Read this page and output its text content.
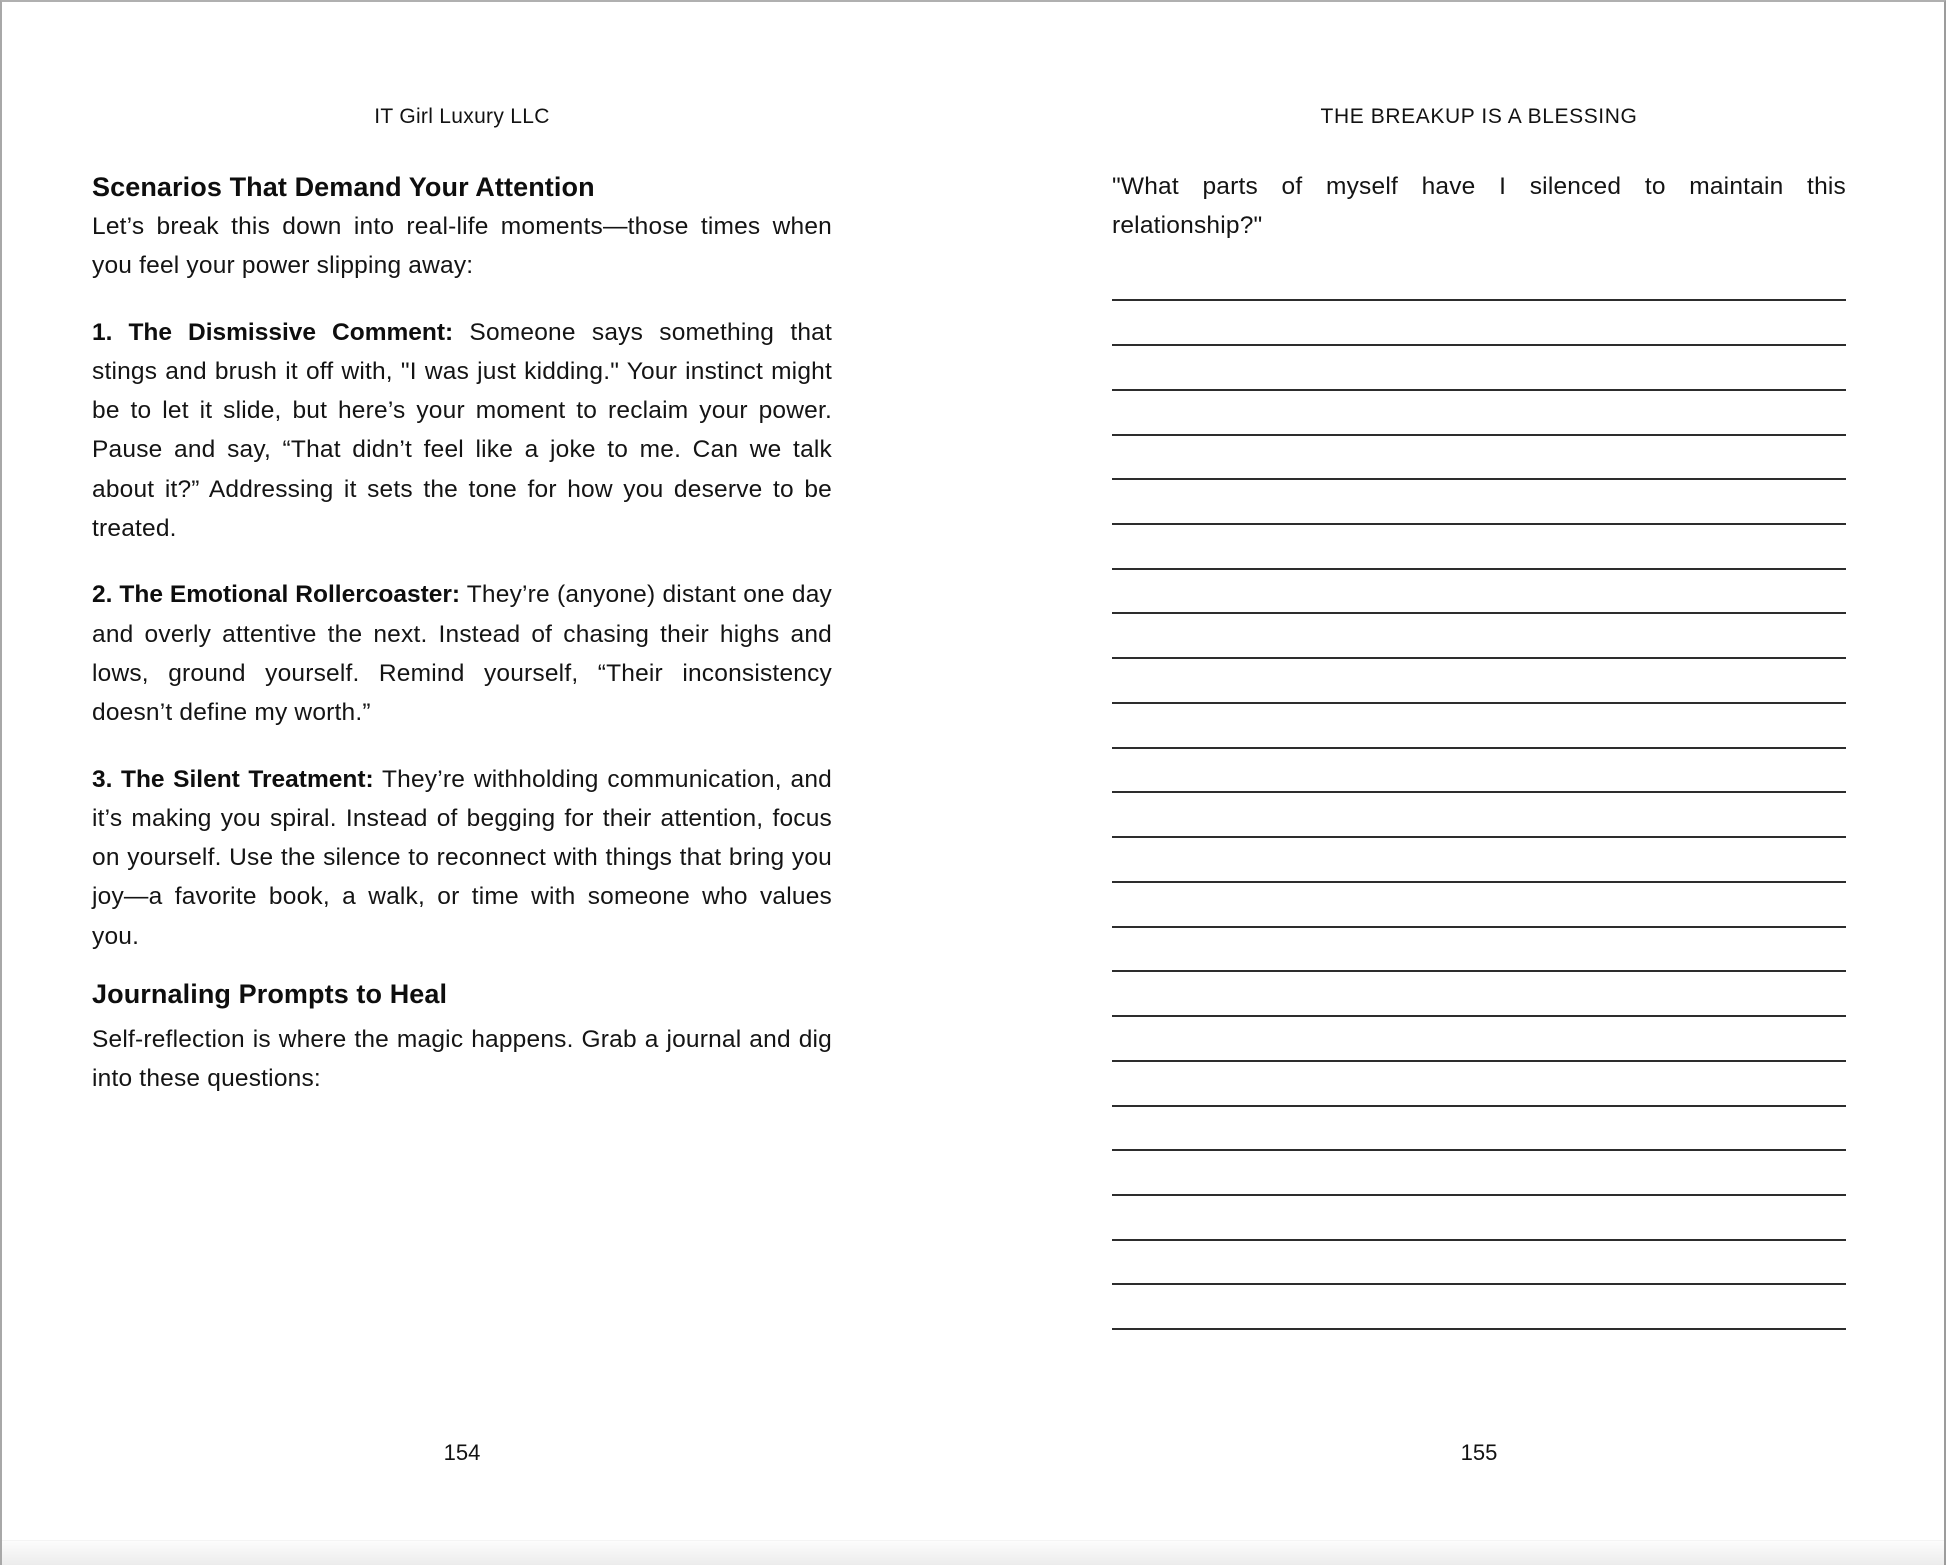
IT Girl Luxury LLC
Scenarios That Demand Your Attention

Let’s break this down into real-life moments—those times when you feel your power slipping away:

1. The Dismissive Comment: Someone says something that stings and brush it off with, "I was just kidding." Your instinct might be to let it slide, but here’s your moment to reclaim your power. Pause and say, “That didn’t feel like a joke to me. Can we talk about it?” Addressing it sets the tone for how you deserve to be treated.

2. The Emotional Rollercoaster: They’re (anyone) distant one day and overly attentive the next. Instead of chasing their highs and lows, ground yourself. Remind yourself, “Their inconsistency doesn’t define my worth.”

3. The Silent Treatment: They’re withholding communication, and it’s making you spiral. Instead of begging for their attention, focus on yourself. Use the silence to reconnect with things that bring you joy—a favorite book, a walk, or time with someone who values you.

Journaling Prompts to Heal

Self-reflection is where the magic happens. Grab a journal and dig into these questions:

154
THE BREAKUP IS A BLESSING

"What parts of myself have I silenced to maintain this relationship?"

155
